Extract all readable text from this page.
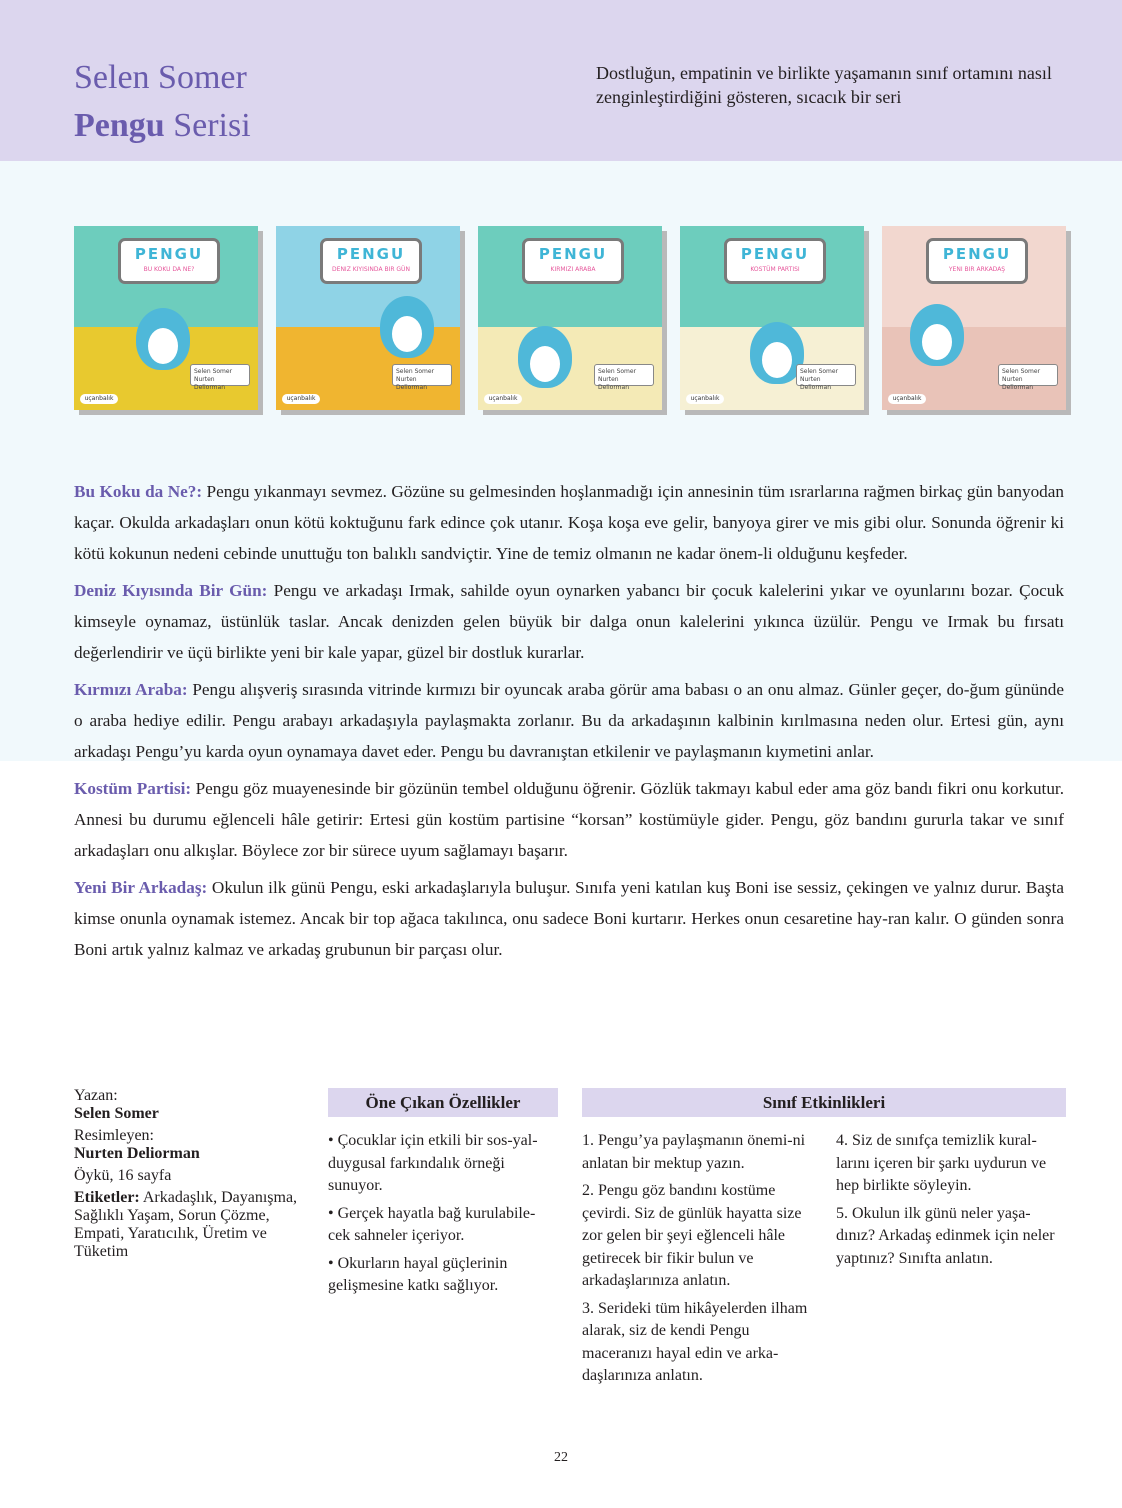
Selen Somer
Pengu Serisi
Dostluğun, empatinin ve birlikte yaşamanın sınıf ortamını nasıl zenginleştirdiğini gösteren, sıcacık bir seri
PENGU
BU KOKU DA NE?
Selen Somer Nurten Deliorman
uçanbalık
PENGU
DENIZ KIYISINDA BIR GÜN
Selen Somer Nurten Deliorman
uçanbalık
PENGU
KIRMIZI ARABA
Selen Somer Nurten Deliorman
uçanbalık
PENGU
KOSTÜM PARTISI
Selen Somer Nurten Deliorman
uçanbalık
PENGU
YENI BIR ARKADAŞ
Selen Somer Nurten Deliorman
uçanbalık

Bu Koku da Ne?: Pengu yıkanmayı sevmez. Gözüne su gelmesinden hoşlanmadığı için annesinin tüm ısrarlarına rağmen birkaç gün banyodan kaçar. Okulda arkadaşları onun kötü koktuğunu fark edince çok utanır. Koşa koşa eve gelir, banyoya girer ve mis gibi olur. Sonunda öğrenir ki kötü kokunun nedeni cebinde unuttuğu ton balıklı sandviçtir. Yine de temiz olmanın ne kadar önem-li olduğunu keşfeder.

Deniz Kıyısında Bir Gün: Pengu ve arkadaşı Irmak, sahilde oyun oynarken yabancı bir çocuk kalelerini yıkar ve oyunlarını bozar. Çocuk kimseyle oynamaz, üstünlük taslar. Ancak denizden gelen büyük bir dalga onun kalelerini yıkınca üzülür. Pengu ve Irmak bu fırsatı değerlendirir ve üçü birlikte yeni bir kale yapar, güzel bir dostluk kurarlar.

Kırmızı Araba: Pengu alışveriş sırasında vitrinde kırmızı bir oyuncak araba görür ama babası o an onu almaz. Günler geçer, do-ğum gününde o araba hediye edilir. Pengu arabayı arkadaşıyla paylaşmakta zorlanır. Bu da arkadaşının kalbinin kırılmasına neden olur. Ertesi gün, aynı arkadaşı Pengu’yu karda oyun oynamaya davet eder. Pengu bu davranıştan etkilenir ve paylaşmanın kıymetini anlar.

Kostüm Partisi: Pengu göz muayenesinde bir gözünün tembel olduğunu öğrenir. Gözlük takmayı kabul eder ama göz bandı fikri onu korkutur. Annesi bu durumu eğlenceli hâle getirir: Ertesi gün kostüm partisine “korsan” kostümüyle gider. Pengu, göz bandını gururla takar ve sınıf arkadaşları onu alkışlar. Böylece zor bir sürece uyum sağlamayı başarır.

Yeni Bir Arkadaş: Okulun ilk günü Pengu, eski arkadaşlarıyla buluşur. Sınıfa yeni katılan kuş Boni ise sessiz, çekingen ve yalnız durur. Başta kimse onunla oynamak istemez. Ancak bir top ağaca takılınca, onu sadece Boni kurtarır. Herkes onun cesaretine hay-ran kalır. O günden sonra Boni artık yalnız kalmaz ve arkadaş grubunun bir parçası olur.

Yazan:
Selen Somer
Resimleyen:
Nurten Deliorman
Öykü, 16 sayfa
Etiketler: Arkadaşlık, Dayanışma, Sağlıklı Yaşam, Sorun Çözme, Empati, Yaratıcılık, Üretim ve Tüketim
Öne Çıkan Özellikler
• Çocuklar için etkili bir sos-yal-duygusal farkındalık örneği sunuyor.
• Gerçek hayatla bağ kurulabile-cek sahneler içeriyor.
• Okurların hayal güçlerinin gelişmesine katkı sağlıyor.
Sınıf Etkinlikleri
1. Pengu’ya paylaşmanın önemi-ni anlatan bir mektup yazın.
2. Pengu göz bandını kostüme çevirdi. Siz de günlük hayatta size zor gelen bir şeyi eğlenceli hâle getirecek bir fikir bulun ve arkadaşlarınıza anlatın.
3. Serideki tüm hikâyelerden ilham alarak, siz de kendi Pengu maceranızı hayal edin ve arka-daşlarınıza anlatın.
4. Siz de sınıfça temizlik kural-larını içeren bir şarkı uydurun ve hep birlikte söyleyin.
5. Okulun ilk günü neler yaşa-dınız? Arkadaş edinmek için neler yaptınız? Sınıfta anlatın.
22
